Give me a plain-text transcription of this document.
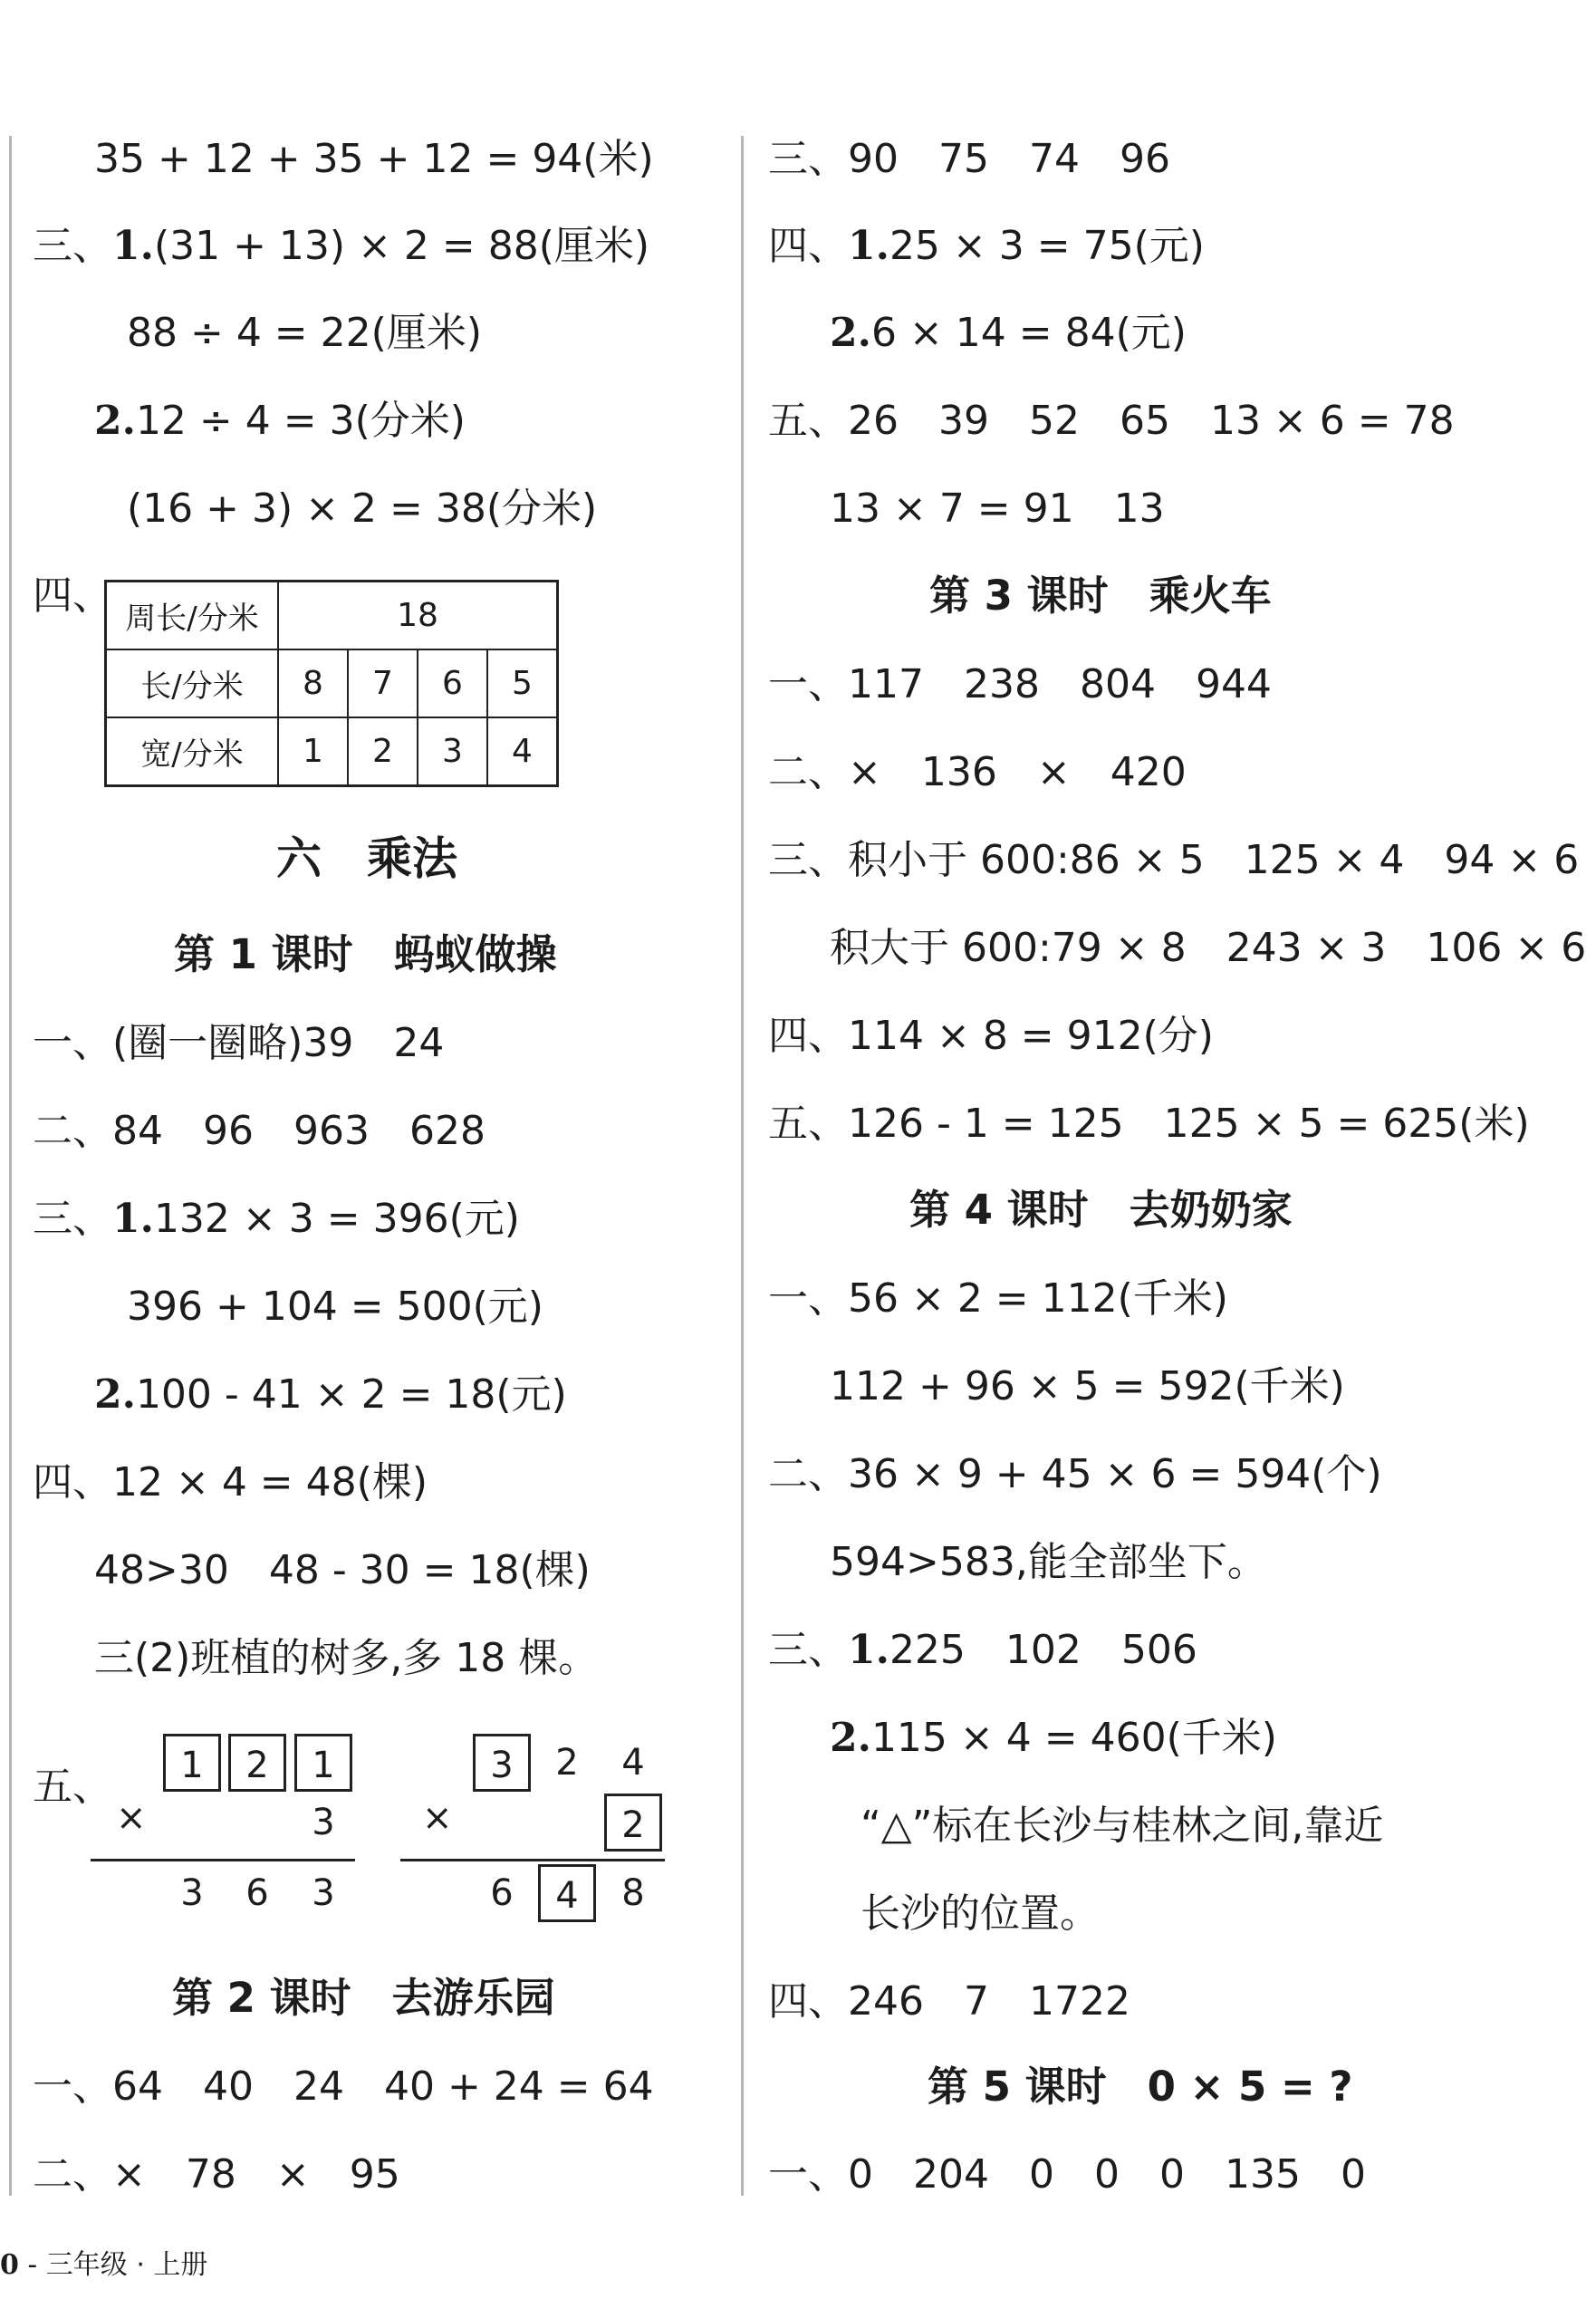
35 + 12 + 35 + 12 = 94(米)
三、1.(31 + 13) × 2 = 88(厘米)
88 ÷ 4 = 22(厘米)
2.12 ÷ 4 = 3(分米)
(16 + 3) × 2 = 38(分米)
四、 周长/分米	18			
长/分米	8	7	6	5
宽/分米	1	2	3	4
六　乘法
第 1 课时　蚂蚁做操
一、(圈一圈略)39　24
二、84　96　963　628
三、1.132 × 3 = 396(元)
396 + 104 = 500(元)
2.100 - 41 × 2 = 18(元)
四、12 × 4 = 48(棵)
48>30　48 - 30 = 18(棵)
三(2)班植的树多,多 18 棵。
五、	1	2	1
×	3
3	6	3
3	2	4
×	2
6	4	8
第 2 课时　去游乐园
一、64　40　24　40 + 24 = 64
二、×　78　×　95
三、90　75　74　96
四、1.25 × 3 = 75(元)
2.6 × 14 = 84(元)
五、26　39　52　65　13 × 6 = 78
13 × 7 = 91　13
第 3 课时　乘火车
一、117　238　804　944
二、×　136　×　420
三、积小于 600:86 × 5　125 × 4　94 × 6
积大于 600:79 × 8　243 × 3　106 × 6
四、114 × 8 = 912(分)
五、126 - 1 = 125　125 × 5 = 625(米)
第 4 课时　去奶奶家
一、56 × 2 = 112(千米)
112 + 96 × 5 = 592(千米)
二、36 × 9 + 45 × 6 = 594(个)
594>583,能全部坐下。
三、1.225　102　506
2.115 × 4 = 460(千米)
“△”标在长沙与桂林之间,靠近
长沙的位置。
四、246　7　1722
第 5 课时　0 × 5 = ?
一、0　204　0　0　0　135　0
0 - 三年级 · 上册
